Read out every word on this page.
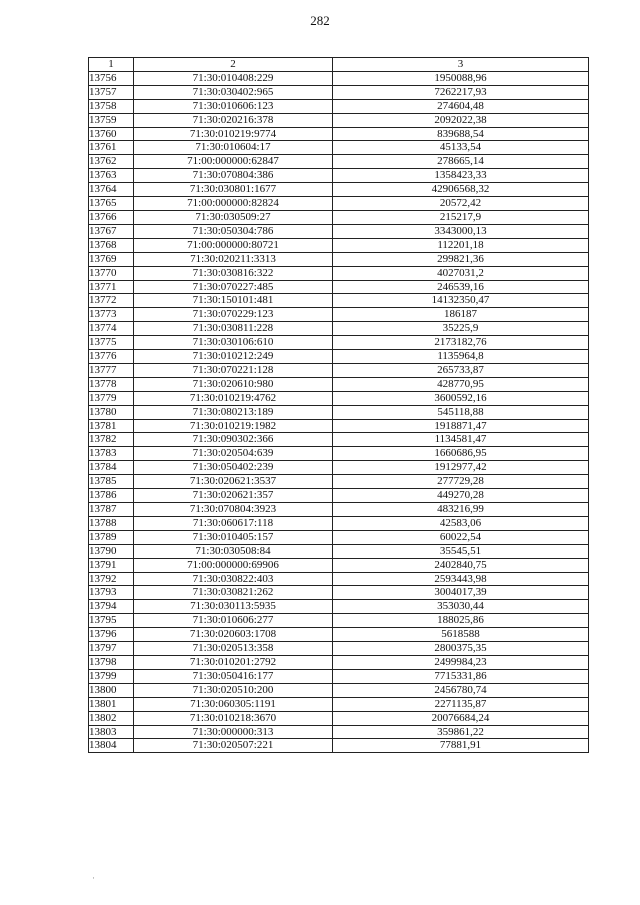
282
1	2	3
13756	71:30:010408:229	1950088,96
13757	71:30:030402:965	7262217,93
13758	71:30:010606:123	274604,48
13759	71:30:020216:378	2092022,38
13760	71:30:010219:9774	839688,54
13761	71:30:010604:17	45133,54
13762	71:00:000000:62847	278665,14
13763	71:30:070804:386	1358423,33
13764	71:30:030801:1677	42906568,32
13765	71:00:000000:82824	20572,42
13766	71:30:030509:27	215217,9
13767	71:30:050304:786	3343000,13
13768	71:00:000000:80721	112201,18
13769	71:30:020211:3313	299821,36
13770	71:30:030816:322	4027031,2
13771	71:30:070227:485	246539,16
13772	71:30:150101:481	14132350,47
13773	71:30:070229:123	186187
13774	71:30:030811:228	35225,9
13775	71:30:030106:610	2173182,76
13776	71:30:010212:249	1135964,8
13777	71:30:070221:128	265733,87
13778	71:30:020610:980	428770,95
13779	71:30:010219:4762	3600592,16
13780	71:30:080213:189	545118,88
13781	71:30:010219:1982	1918871,47
13782	71:30:090302:366	1134581,47
13783	71:30:020504:639	1660686,95
13784	71:30:050402:239	1912977,42
13785	71:30:020621:3537	277729,28
13786	71:30:020621:357	449270,28
13787	71:30:070804:3923	483216,99
13788	71:30:060617:118	42583,06
13789	71:30:010405:157	60022,54
13790	71:30:030508:84	35545,51
13791	71:00:000000:69906	2402840,75
13792	71:30:030822:403	2593443,98
13793	71:30:030821:262	3004017,39
13794	71:30:030113:5935	353030,44
13795	71:30:010606:277	188025,86
13796	71:30:020603:1708	5618588
13797	71:30:020513:358	2800375,35
13798	71:30:010201:2792	2499984,23
13799	71:30:050416:177	7715331,86
13800	71:30:020510:200	2456780,74
13801	71:30:060305:1191	2271135,87
13802	71:30:010218:3670	20076684,24
13803	71:30:000000:313	359861,22
13804	71:30:020507:221	77881,91
·
